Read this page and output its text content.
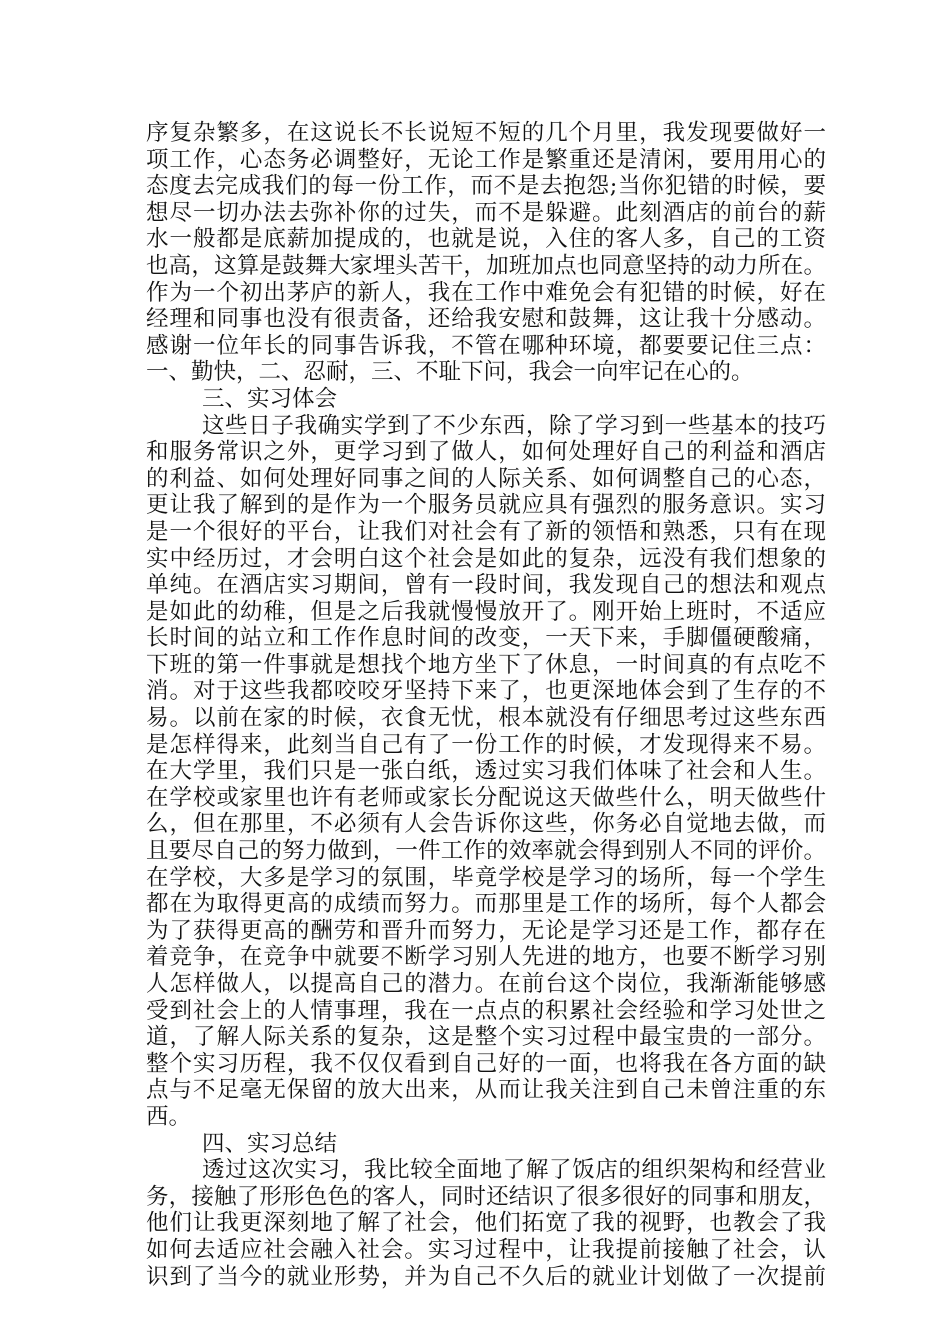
序复杂繁多，在这说长不长说短不短的几个月里，我发现要做好一
项工作，心态务必调整好，无论工作是繁重还是清闲，要用用心的
态度去完成我们的每一份工作，而不是去抱怨;当你犯错的时候，要
想尽一切办法去弥补你的过失，而不是躲避。此刻酒店的前台的薪
水一般都是底薪加提成的，也就是说，入住的客人多，自己的工资
也高，这算是鼓舞大家埋头苦干，加班加点也同意坚持的动力所在。
作为一个初出茅庐的新人，我在工作中难免会有犯错的时候，好在
经理和同事也没有很责备，还给我安慰和鼓舞，这让我十分感动。
感谢一位年长的同事告诉我，不管在哪种环境，都要要记住三点：
一、勤快，二、忍耐，三、不耻下问，我会一向牢记在心的。
三、实习体会
这些日子我确实学到了不少东西，除了学习到一些基本的技巧
和服务常识之外，更学习到了做人，如何处理好自己的利益和酒店
的利益、如何处理好同事之间的人际关系、如何调整自己的心态，
更让我了解到的是作为一个服务员就应具有强烈的服务意识。实习
是一个很好的平台，让我们对社会有了新的领悟和熟悉，只有在现
实中经历过，才会明白这个社会是如此的复杂，远没有我们想象的
单纯。在酒店实习期间，曾有一段时间，我发现自己的想法和观点
是如此的幼稚，但是之后我就慢慢放开了。刚开始上班时，不适应
长时间的站立和工作作息时间的改变，一天下来，手脚僵硬酸痛，
下班的第一件事就是想找个地方坐下了休息，一时间真的有点吃不
消。对于这些我都咬咬牙坚持下来了，也更深地体会到了生存的不
易。以前在家的时候，衣食无忧，根本就没有仔细思考过这些东西
是怎样得来，此刻当自己有了一份工作的时候，才发现得来不易。
在大学里，我们只是一张白纸，透过实习我们体味了社会和人生。
在学校或家里也许有老师或家长分配说这天做些什么，明天做些什
么，但在那里，不必须有人会告诉你这些，你务必自觉地去做，而
且要尽自己的努力做到，一件工作的效率就会得到别人不同的评价。
在学校，大多是学习的氛围，毕竟学校是学习的场所，每一个学生
都在为取得更高的成绩而努力。而那里是工作的场所，每个人都会
为了获得更高的酬劳和晋升而努力，无论是学习还是工作，都存在
着竞争，在竞争中就要不断学习别人先进的地方，也要不断学习别
人怎样做人，以提高自己的潜力。在前台这个岗位，我渐渐能够感
受到社会上的人情事理，我在一点点的积累社会经验和学习处世之
道，了解人际关系的复杂，这是整个实习过程中最宝贵的一部分。
整个实习历程，我不仅仅看到自己好的一面，也将我在各方面的缺
点与不足毫无保留的放大出来，从而让我关注到自己未曾注重的东
西。
四、实习总结
透过这次实习，我比较全面地了解了饭店的组织架构和经营业
务，接触了形形色色的客人，同时还结识了很多很好的同事和朋友，
他们让我更深刻地了解了社会，他们拓宽了我的视野，也教会了我
如何去适应社会融入社会。实习过程中，让我提前接触了社会，认
识到了当今的就业形势，并为自己不久后的就业计划做了一次提前
